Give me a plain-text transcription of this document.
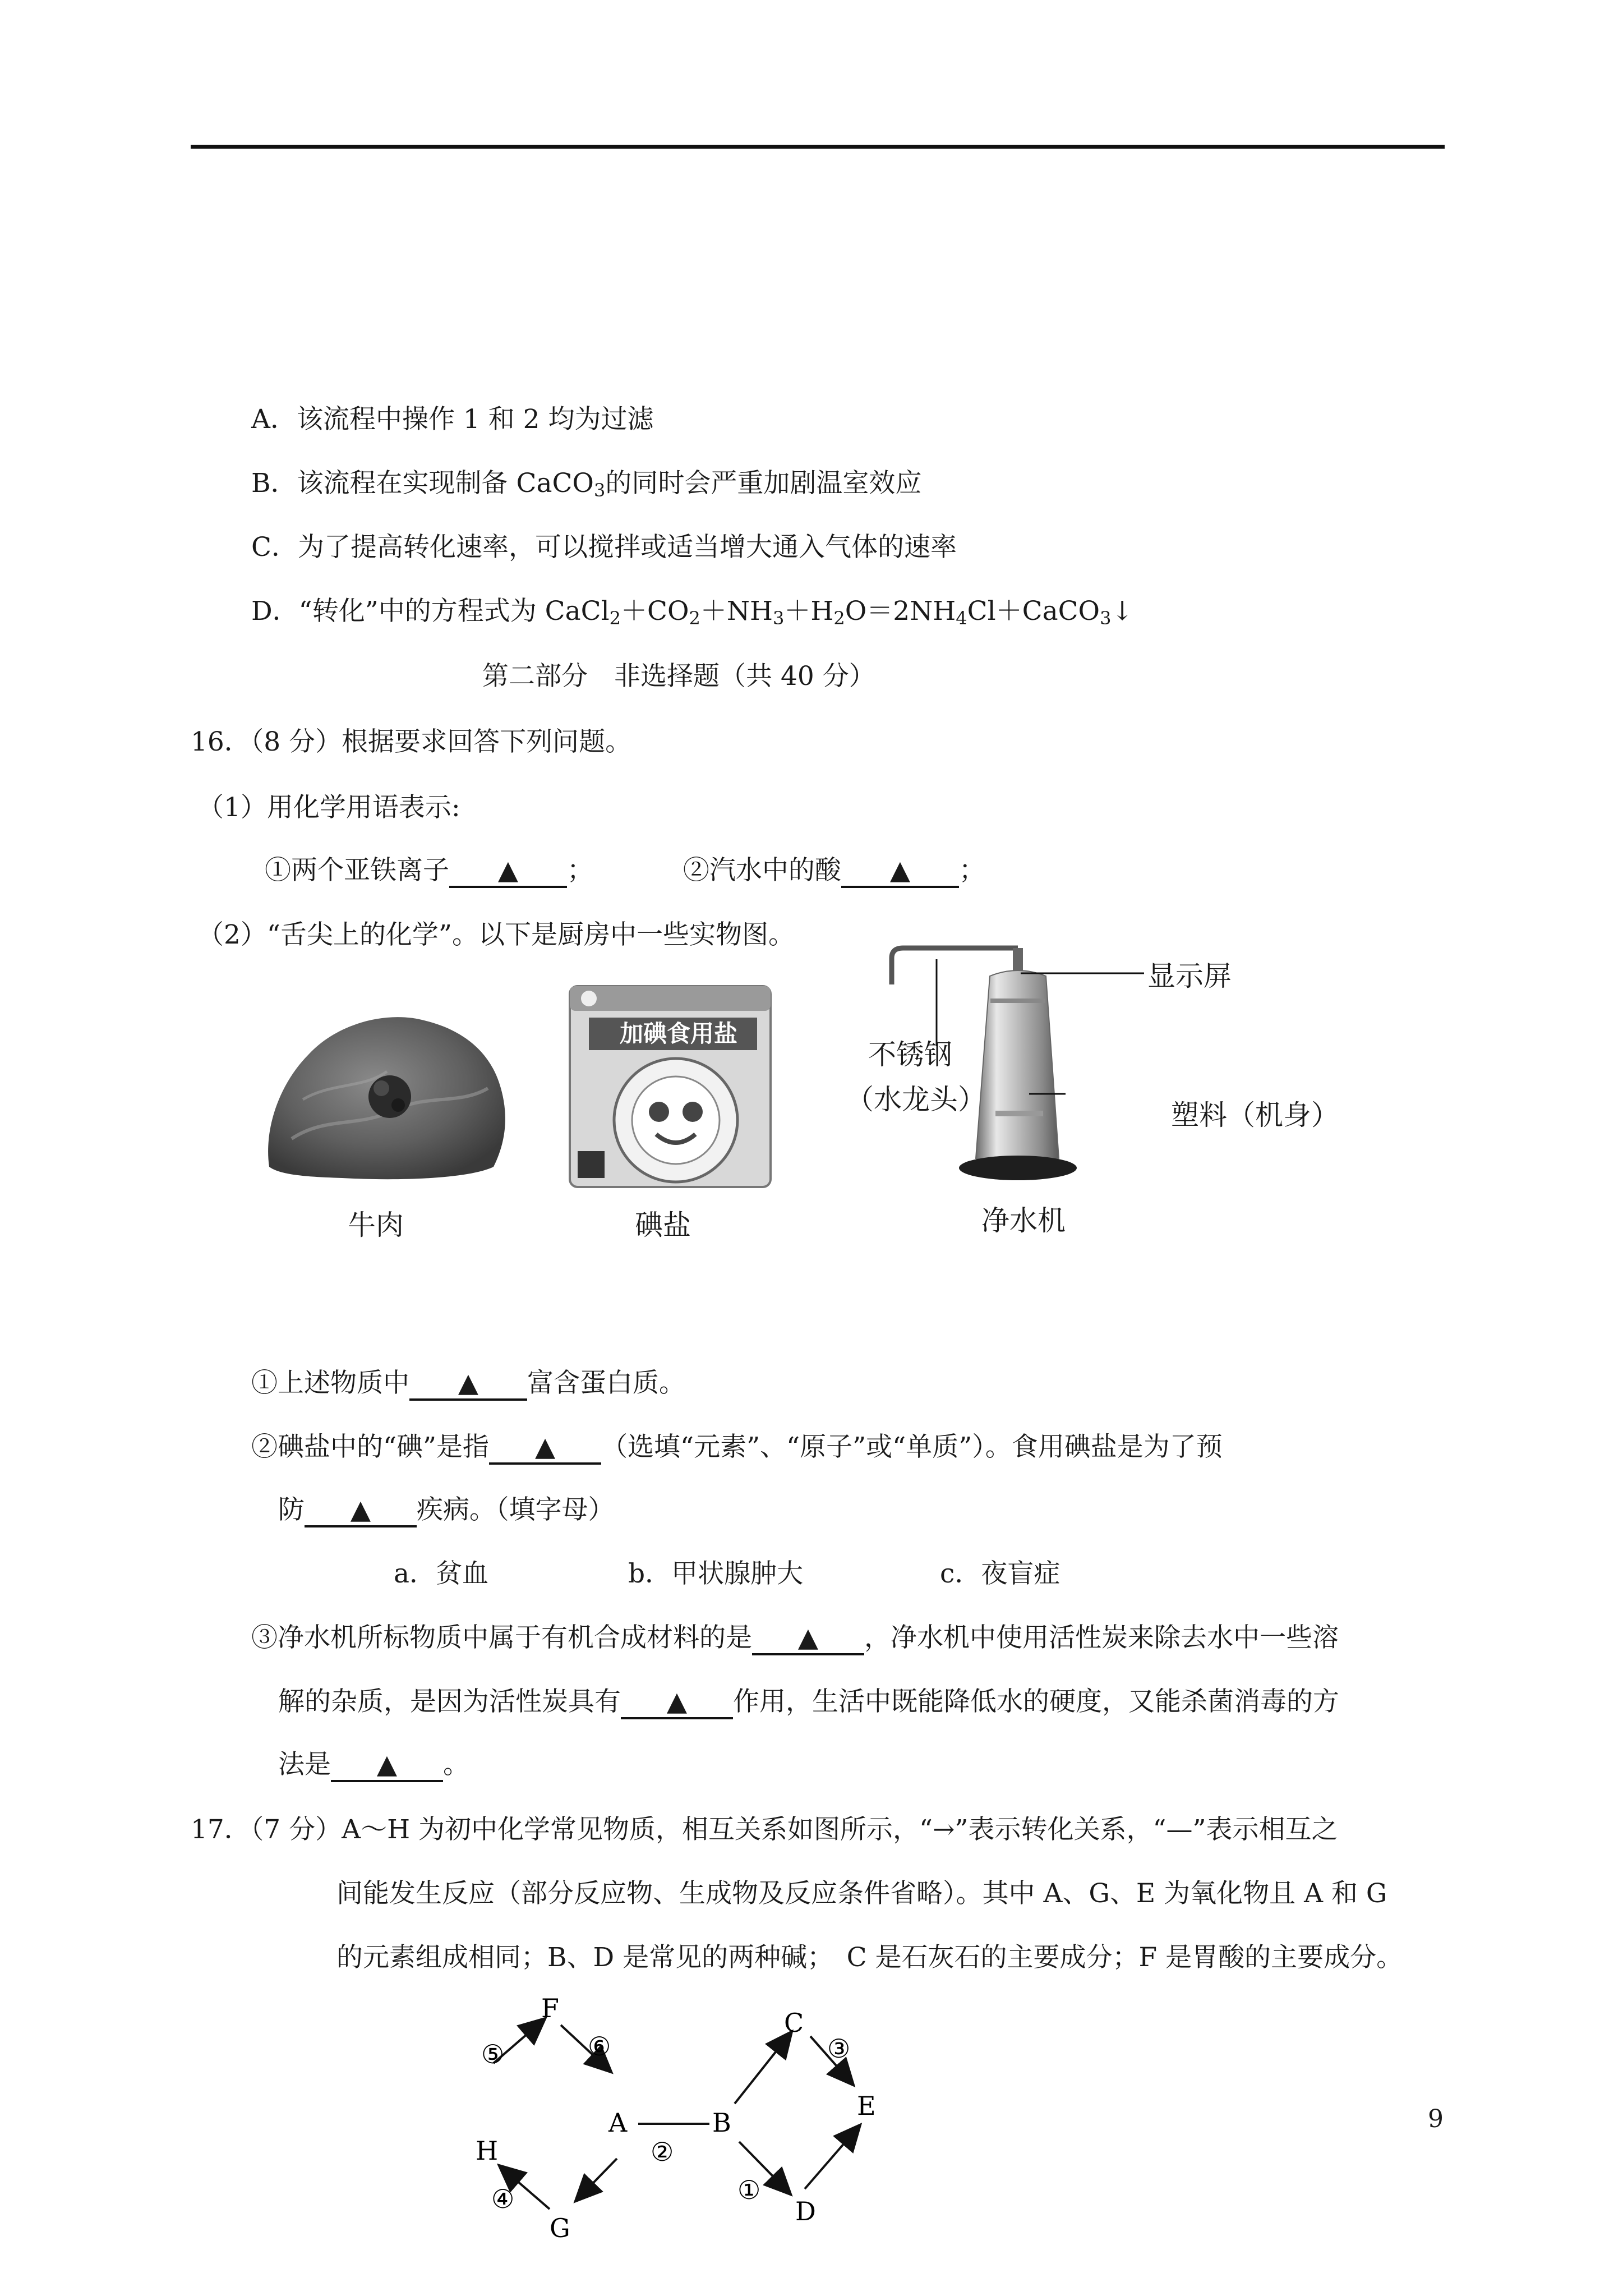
A．该流程中操作 1 和 2 均为过滤
B．该流程在实现制备 CaCO$_3$的同时会严重加剧温室效应
C．为了提高转化速率，可以搅拌或适当增大通入气体的速率
D．“转化”中的方程式为 $CaCl_2+CO_2+NH_3+H_2O=2NH_4Cl+CaCO_3↓$
第二部分　非选择题（共 40 分）
16．（8 分）根据要求回答下列问题。
（1）用化学用语表示:
①两个亚铁离子 ▲ ；	②汽水中的酸 ▲ ；
（2）“舌尖上的化学”。以下是厨房中一些实物图。
加碘食用盐
显示屏
不锈钢
（水龙头）	塑料（机身）
牛肉	碘盐	净水机
①上述物质中 ▲ 富含蛋白质。
②碘盐中的“碘”是指 ▲ （选填“元素”、“原子”或“单质”）。食用碘盐是为了预
防 ▲ 疾病。（填字母）
a．贫血	b．甲状腺肿大	c．夜盲症
③净水机所标物质中属于有机合成材料的是 ▲ ，净水机中使用活性炭来除去水中一些溶
解的杂质，是因为活性炭具有 ▲ 作用，生活中既能降低水的硬度，又能杀菌消毒的方
法是 ▲ 。
17．（7 分）A～H 为初中化学常见物质，相互关系如图所示，“→”表示转化关系，“—”表示相互之
间能发生反应（部分反应物、生成物及反应条件省略）。其中 A、G、E 为氧化物且 A 和 G
的元素组成相同；B、D 是常见的两种碱；　C 是石灰石的主要成分；F 是胃酸的主要成分。
F
H
A
G
B
C
E
D
⑤	⑥
④
②
③
①
9
